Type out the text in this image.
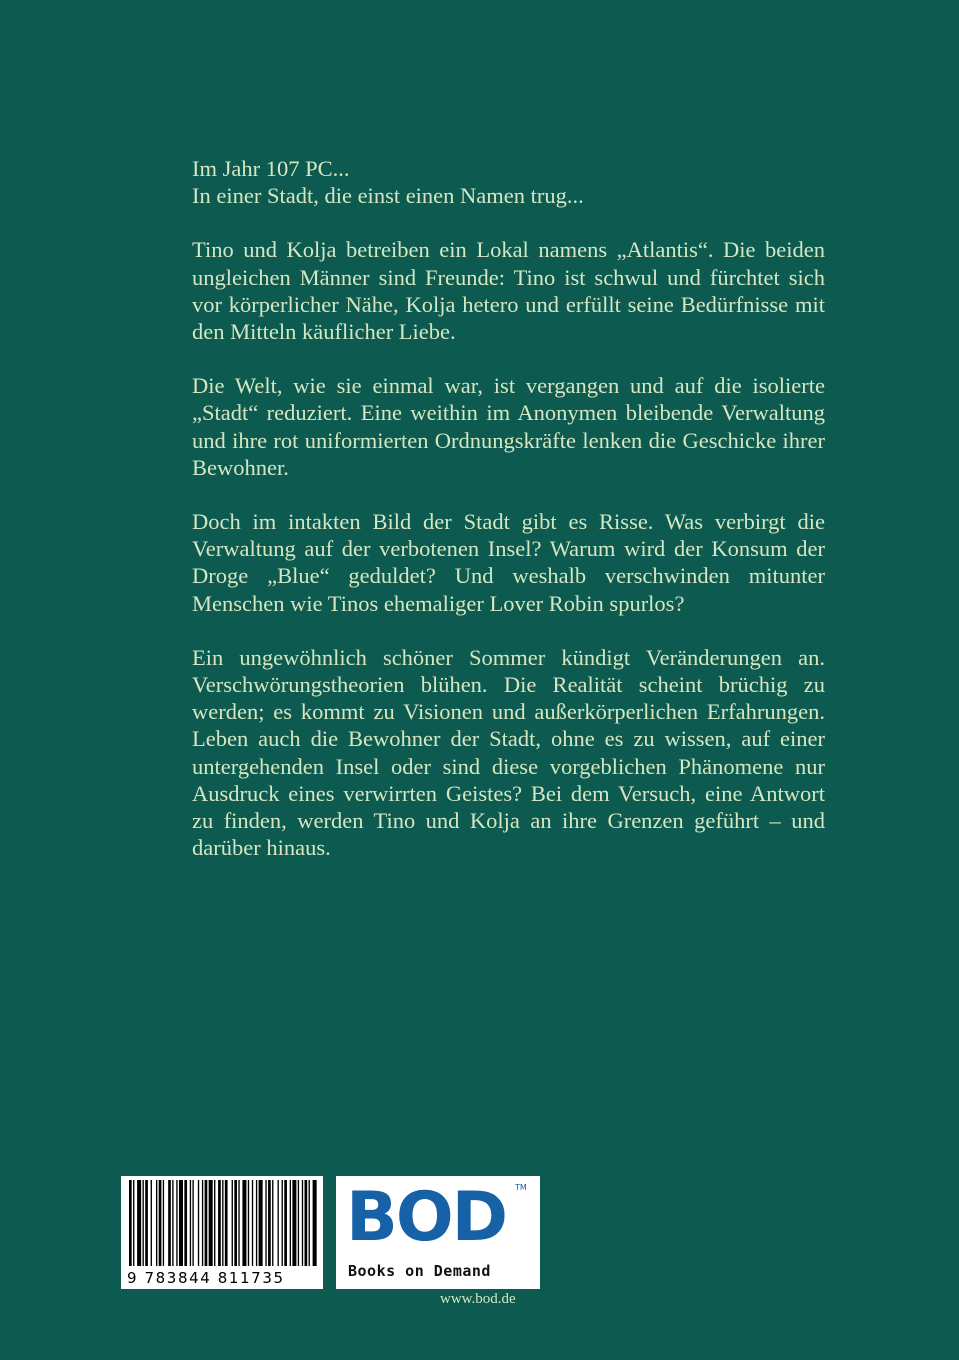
Im Jahr 107 PC...
In einer Stadt, die einst einen Namen trug...

Tino und Kolja betreiben ein Lokal namens „Atlantis“. Die beiden ungleichen Männer sind Freunde: Tino ist schwul und fürchtet sich vor körperlicher Nähe, Kolja hetero und erfüllt seine Bedürfnisse mit den Mitteln käuflicher Liebe.

Die Welt, wie sie einmal war, ist vergangen und auf die isolierte „Stadt“ reduziert. Eine weithin im Anonymen bleibende Verwaltung und ihre rot uniformierten Ordnungskräfte lenken die Geschicke ihrer Bewohner.

Doch im intakten Bild der Stadt gibt es Risse. Was verbirgt die Verwaltung auf der verbotenen Insel? Warum wird der Konsum der Droge „Blue“ geduldet? Und weshalb verschwinden mitunter Menschen wie Tinos ehemaliger Lover Robin spurlos?

Ein ungewöhnlich schöner Sommer kündigt Veränderungen an. Verschwörungstheorien blühen. Die Realität scheint brüchig zu werden; es kommt zu Visionen und außerkörperlichen Erfahrungen. Leben auch die Bewohner der Stadt, ohne es zu wissen, auf einer untergehenden Insel oder sind diese vorgeblichen Phänomene nur Ausdruck eines verwirrten Geistes? Bei dem Versuch, eine Antwort zu finden, werden Tino und Kolja an ihre Grenzen geführt – und darüber hinaus.

9 783844 811735
BOD TM
Books on Demand
www.bod.de
